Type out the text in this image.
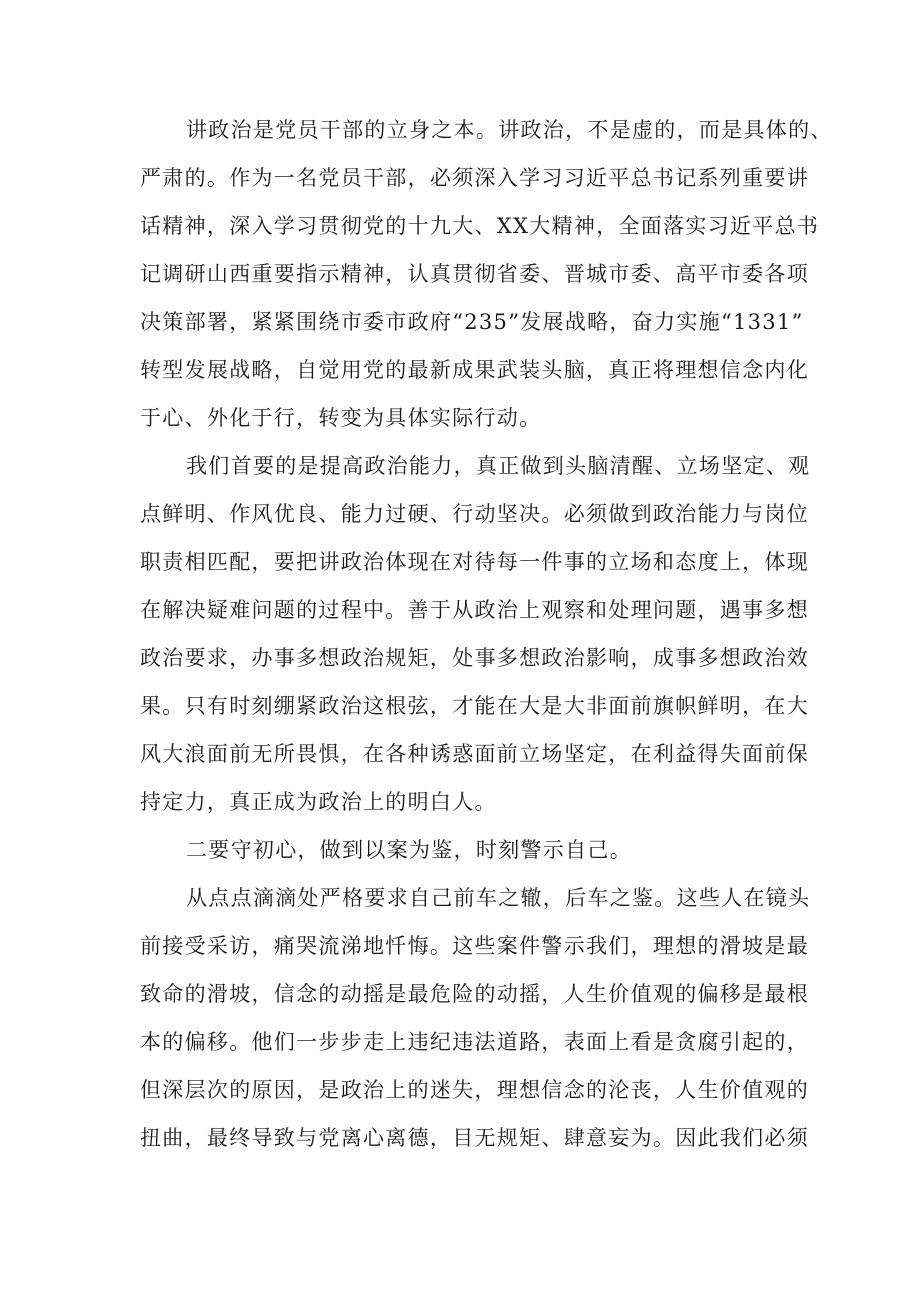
讲政治是党员干部的立身之本。讲政治，不是虚的，而是具体的、
严肃的。作为一名党员干部，必须深入学习习近平总书记系列重要讲
话精神，深入学习贯彻党的十九大、XX大精神，全面落实习近平总书
记调研山西重要指示精神，认真贯彻省委、晋城市委、高平市委各项
决策部署，紧紧围绕市委市政府“235”发展战略，奋力实施“1331”
转型发展战略，自觉用党的最新成果武装头脑，真正将理想信念内化
于心、外化于行，转变为具体实际行动。
我们首要的是提高政治能力，真正做到头脑清醒、立场坚定、观
点鲜明、作风优良、能力过硬、行动坚决。必须做到政治能力与岗位
职责相匹配，要把讲政治体现在对待每一件事的立场和态度上，体现
在解决疑难问题的过程中。善于从政治上观察和处理问题，遇事多想
政治要求，办事多想政治规矩，处事多想政治影响，成事多想政治效
果。只有时刻绷紧政治这根弦，才能在大是大非面前旗帜鲜明，在大
风大浪面前无所畏惧，在各种诱惑面前立场坚定，在利益得失面前保
持定力，真正成为政治上的明白人。
二要守初心，做到以案为鉴，时刻警示自己。
从点点滴滴处严格要求自己前车之辙，后车之鉴。这些人在镜头
前接受采访，痛哭流涕地忏悔。这些案件警示我们，理想的滑坡是最
致命的滑坡，信念的动摇是最危险的动摇，人生价值观的偏移是最根
本的偏移。他们一步步走上违纪违法道路，表面上看是贪腐引起的，
但深层次的原因，是政治上的迷失，理想信念的沦丧，人生价值观的
扭曲，最终导致与党离心离德，目无规矩、肆意妄为。因此我们必须
